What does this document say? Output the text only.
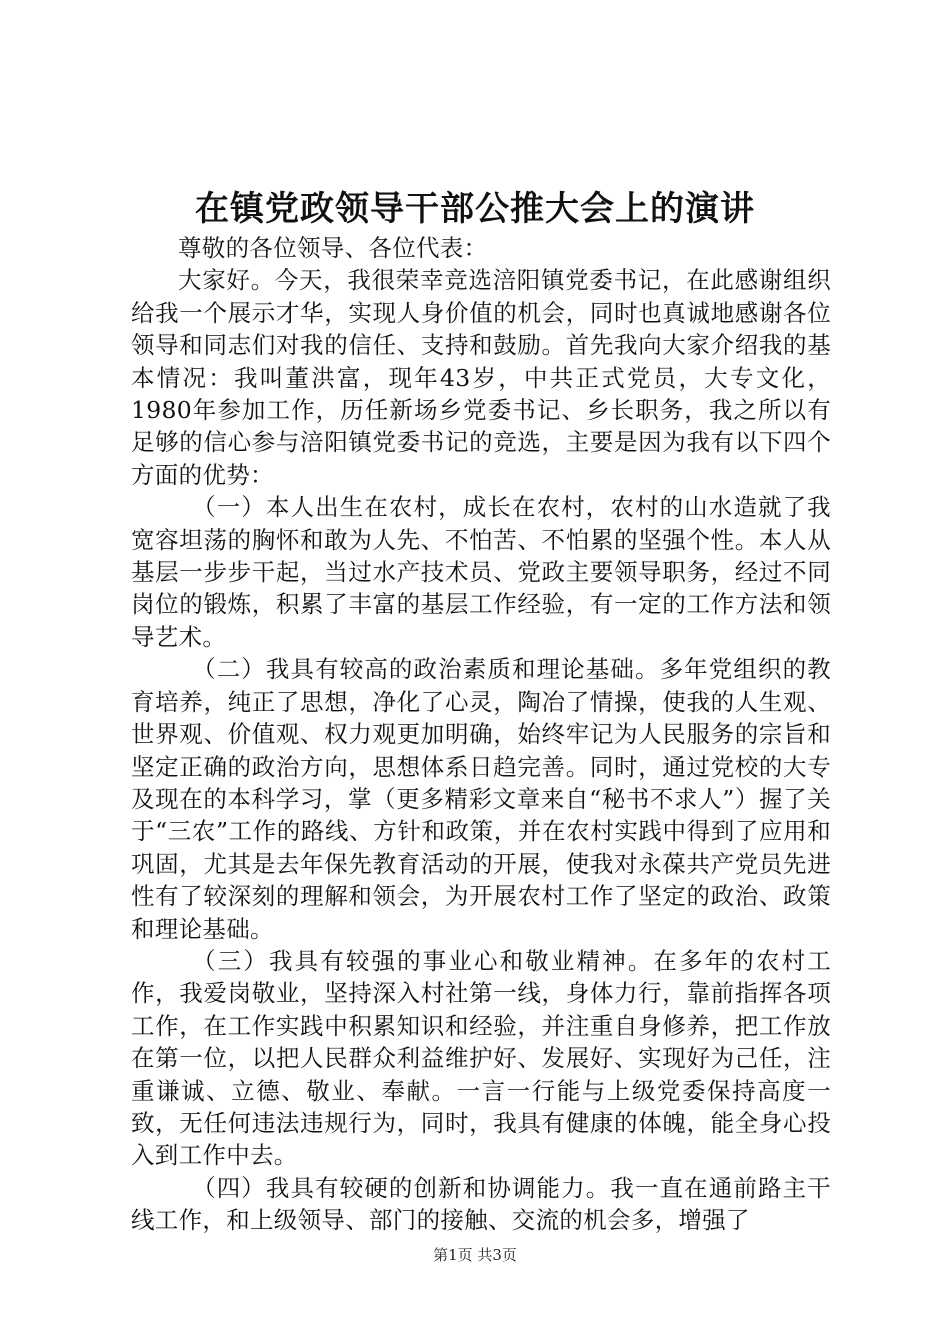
在镇党政领导干部公推大会上的演讲

尊敬的各位领导、各位代表：

大家好。今天，我很荣幸竞选涪阳镇党委书记，在此感谢组织给我一个展示才华，实现人身价值的机会，同时也真诚地感谢各位领导和同志们对我的信任、支持和鼓励。首先我向大家介绍我的基本情况：我叫董洪富，现年43岁，中共正式党员，大专文化，1980年参加工作，历任新场乡党委书记、乡长职务，我之所以有足够的信心参与涪阳镇党委书记的竞选，主要是因为我有以下四个方面的优势：

（一）本人出生在农村，成长在农村，农村的山水造就了我宽容坦荡的胸怀和敢为人先、不怕苦、不怕累的坚强个性。本人从基层一步步干起，当过水产技术员、党政主要领导职务，经过不同岗位的锻炼，积累了丰富的基层工作经验，有一定的工作方法和领导艺术。

（二）我具有较高的政治素质和理论基础。多年党组织的教育培养，纯正了思想，净化了心灵，陶冶了情操，使我的人生观、世界观、价值观、权力观更加明确，始终牢记为人民服务的宗旨和坚定正确的政治方向，思想体系日趋完善。同时，通过党校的大专及现在的本科学习，掌（更多精彩文章来自“秘书不求人”）握了关于“三农”工作的路线、方针和政策，并在农村实践中得到了应用和巩固，尤其是去年保先教育活动的开展，使我对永葆共产党员先进性有了较深刻的理解和领会，为开展农村工作了坚定的政治、政策和理论基础。

（三）我具有较强的事业心和敬业精神。在多年的农村工作，我爱岗敬业，坚持深入村社第一线，身体力行，靠前指挥各项工作，在工作实践中积累知识和经验，并注重自身修养，把工作放在第一位，以把人民群众利益维护好、发展好、实现好为己任，注重谦诚、立德、敬业、奉献。一言一行能与上级党委保持高度一致，无任何违法违规行为，同时，我具有健康的体魄，能全身心投入到工作中去。

（四）我具有较硬的创新和协调能力。我一直在通前路主干线工作，和上级领导、部门的接触、交流的机会多，增强了

第1页 共3页
